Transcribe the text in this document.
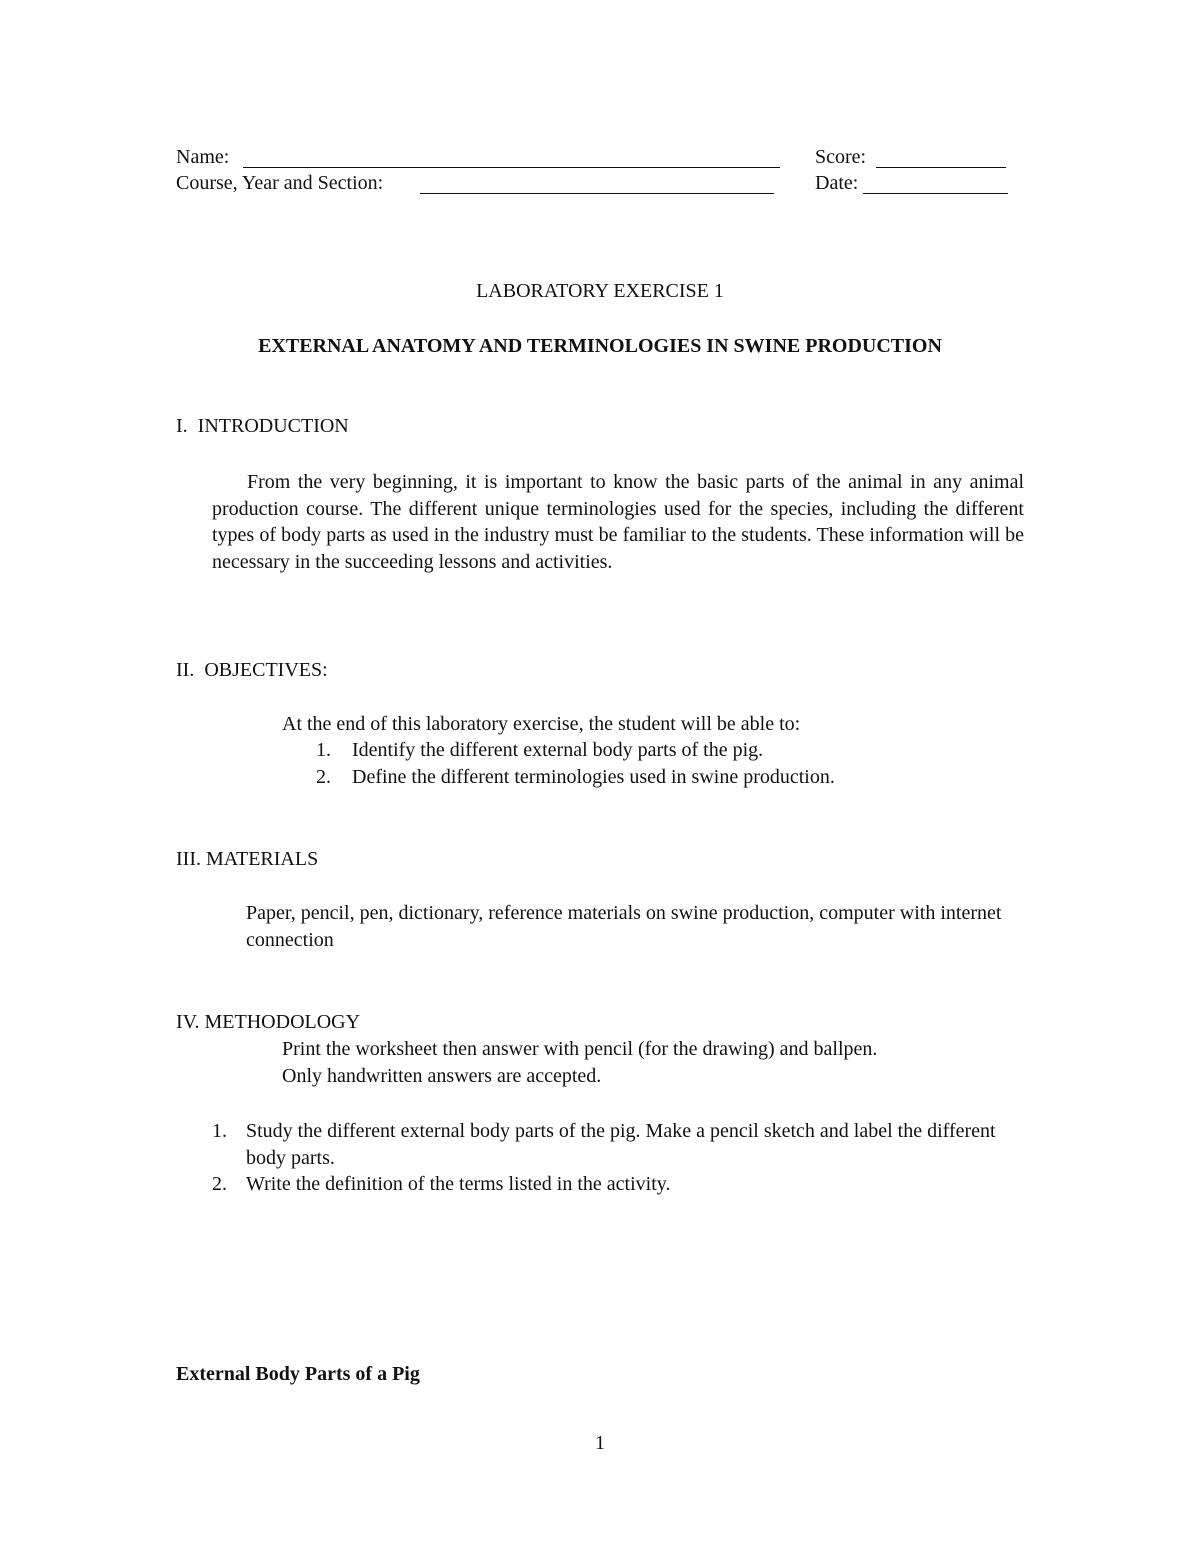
Name:	Score:
Course, Year and Section:	Date:
LABORATORY EXERCISE 1
EXTERNAL ANATOMY AND TERMINOLOGIES IN SWINE PRODUCTION
I.  INTRODUCTION
From the very beginning, it is important to know the basic parts of the animal in any animal production course. The different unique terminologies used for the species, including the different types of body parts as used in the industry must be familiar to the students. These information will be necessary in the succeeding lessons and activities.
II.  OBJECTIVES:
At the end of this laboratory exercise, the student will be able to:
1. Identify the different external body parts of the pig.
2. Define the different terminologies used in swine production.
III. MATERIALS
Paper, pencil, pen, dictionary, reference materials on swine production, computer with internet connection
IV. METHODOLOGY
Print the worksheet then answer with pencil (for the drawing) and ballpen.
Only handwritten answers are accepted.
1. Study the different external body parts of the pig. Make a pencil sketch and label the different body parts.
2. Write the definition of the terms listed in the activity.
External Body Parts of a Pig
1
